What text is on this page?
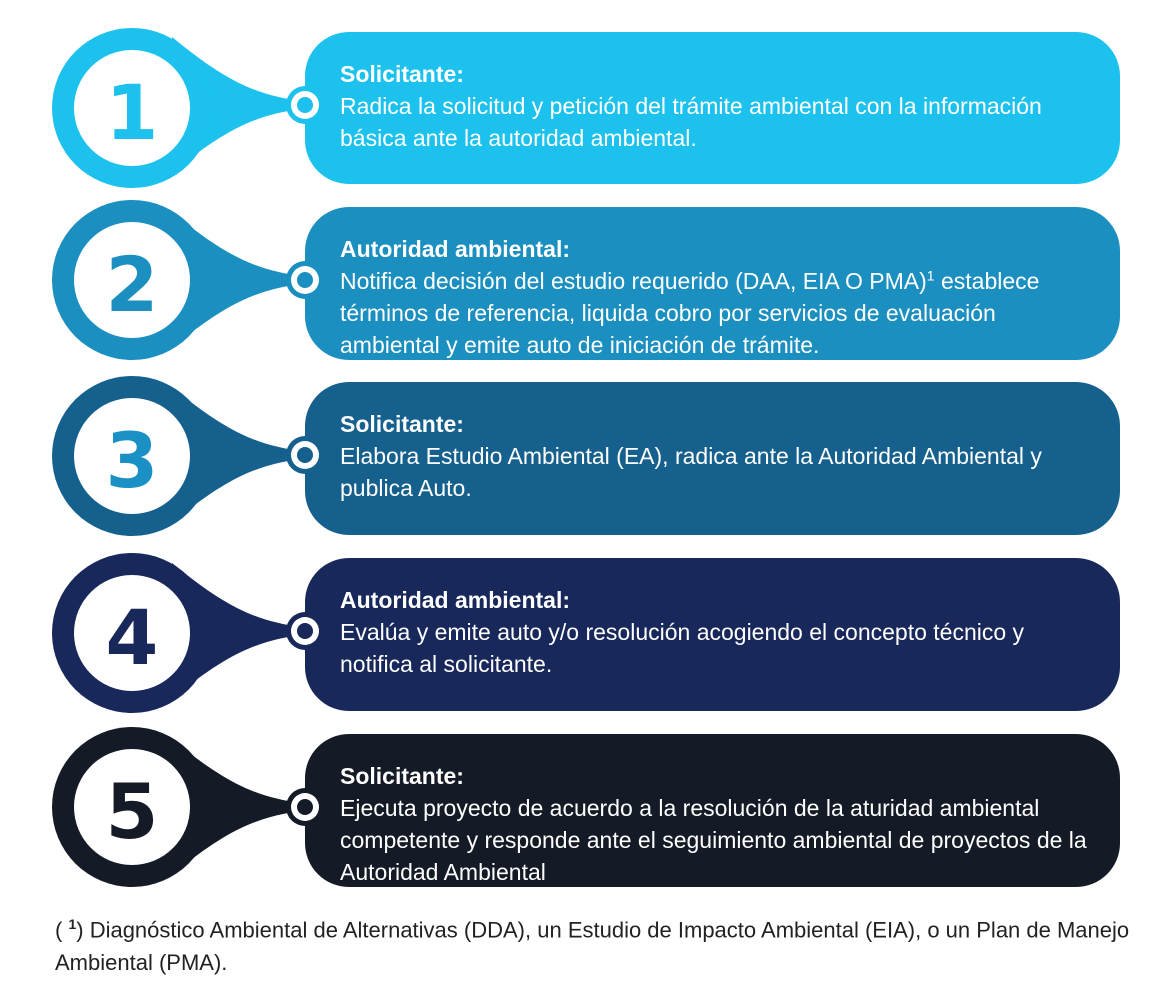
Solicitante:
Radica la solicitud y petición del trámite ambiental con la información básica ante la autoridad ambiental.
1
Autoridad ambiental:
Notifica decisión del estudio requerido (DAA, EIA O PMA)$^1$ establece términos de referencia, liquida cobro por servicios de evaluación ambiental y emite auto de iniciación de trámite.
2
Solicitante:
Elabora Estudio Ambiental (EA), radica ante la Autoridad Ambiental y publica Auto.
3
Autoridad ambiental:
Evalúa y emite auto y/o resolución acogiendo el concepto técnico y notifica al solicitante.
4
Solicitante:
Ejecuta proyecto de acuerdo a la resolución de la aturidad ambiental competente y responde ante el seguimiento ambiental de proyectos de la Autoridad Ambiental
5
( $^1$) Diagnóstico Ambiental de Alternativas (DDA), un Estudio de Impacto Ambiental (EIA), o un Plan de Manejo Ambiental (PMA).
